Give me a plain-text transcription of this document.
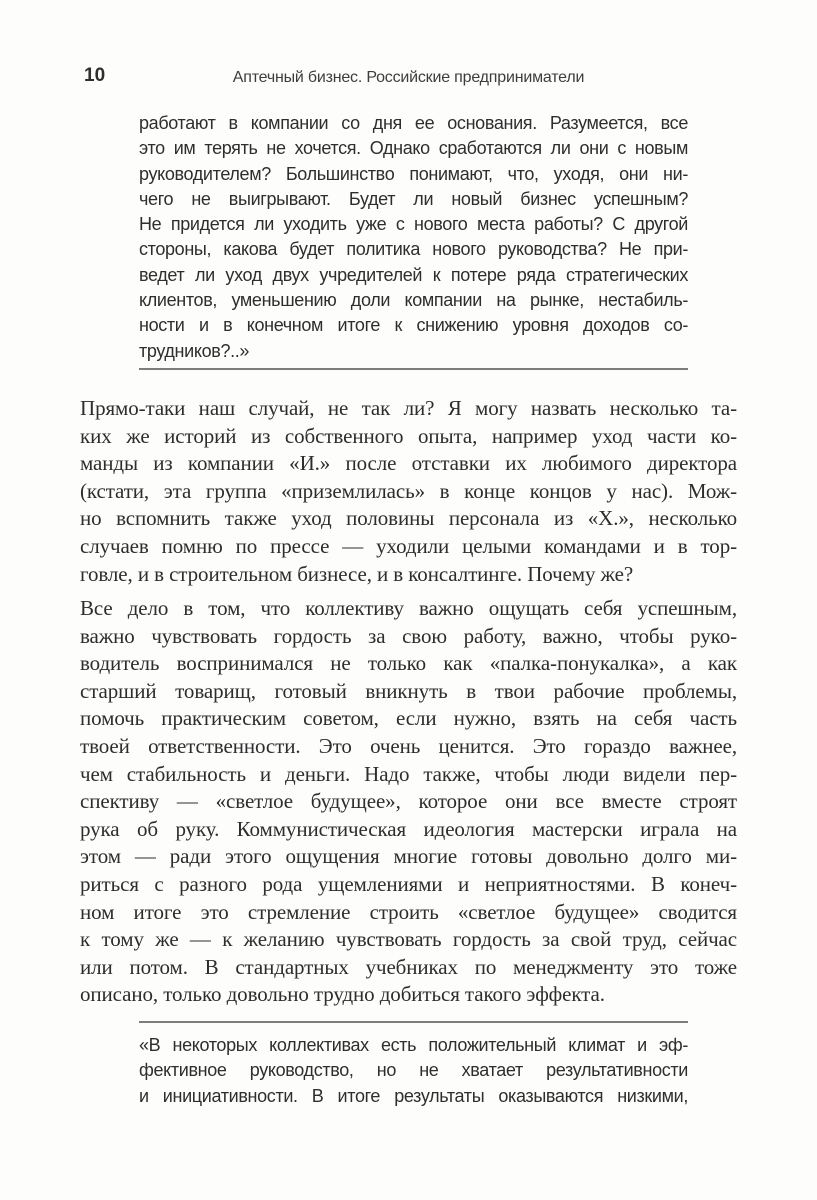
10	Аптечный бизнес. Российские предприниматели
работают в компании со дня ее основания. Разумеется, все
это им терять не хочется. Однако сработаются ли они с новым
руководителем? Большинство понимают, что, уходя, они ни-
чего не выигрывают. Будет ли новый бизнес успешным?
Не придется ли уходить уже с нового места работы? С другой
стороны, какова будет политика нового руководства? Не при-
ведет ли уход двух учредителей к потере ряда стратегических
клиентов, уменьшению доли компании на рынке, нестабиль-
ности и в конечном итоге к снижению уровня доходов со-
трудников?..»
Прямо-таки наш случай, не так ли? Я могу назвать несколько та-
ких же историй из собственного опыта, например уход части ко-
манды из компании «И.» после отставки их любимого директора
(кстати, эта группа «приземлилась» в конце концов у нас). Мож-
но вспомнить также уход половины персонала из «Х.», несколько
случаев помню по прессе — уходили целыми командами и в тор-
говле, и в строительном бизнесе, и в консалтинге. Почему же?
Все дело в том, что коллективу важно ощущать себя успешным,
важно чувствовать гордость за свою работу, важно, чтобы руко-
водитель воспринимался не только как «палка-понукалка», а как
старший товарищ, готовый вникнуть в твои рабочие проблемы,
помочь практическим советом, если нужно, взять на себя часть
твоей ответственности. Это очень ценится. Это гораздо важнее,
чем стабильность и деньги. Надо также, чтобы люди видели пер-
спективу — «светлое будущее», которое они все вместе строят
рука об руку. Коммунистическая идеология мастерски играла на
этом — ради этого ощущения многие готовы довольно долго ми-
риться с разного рода ущемлениями и неприятностями. В конеч-
ном итоге это стремление строить «светлое будущее» сводится
к тому же — к желанию чувствовать гордость за свой труд, сейчас
или потом. В стандартных учебниках по менеджменту это тоже
описано, только довольно трудно добиться такого эффекта.
«В некоторых коллективах есть положительный климат и эф-
фективное руководство, но не хватает результативности
и инициативности. В итоге результаты оказываются низкими,
